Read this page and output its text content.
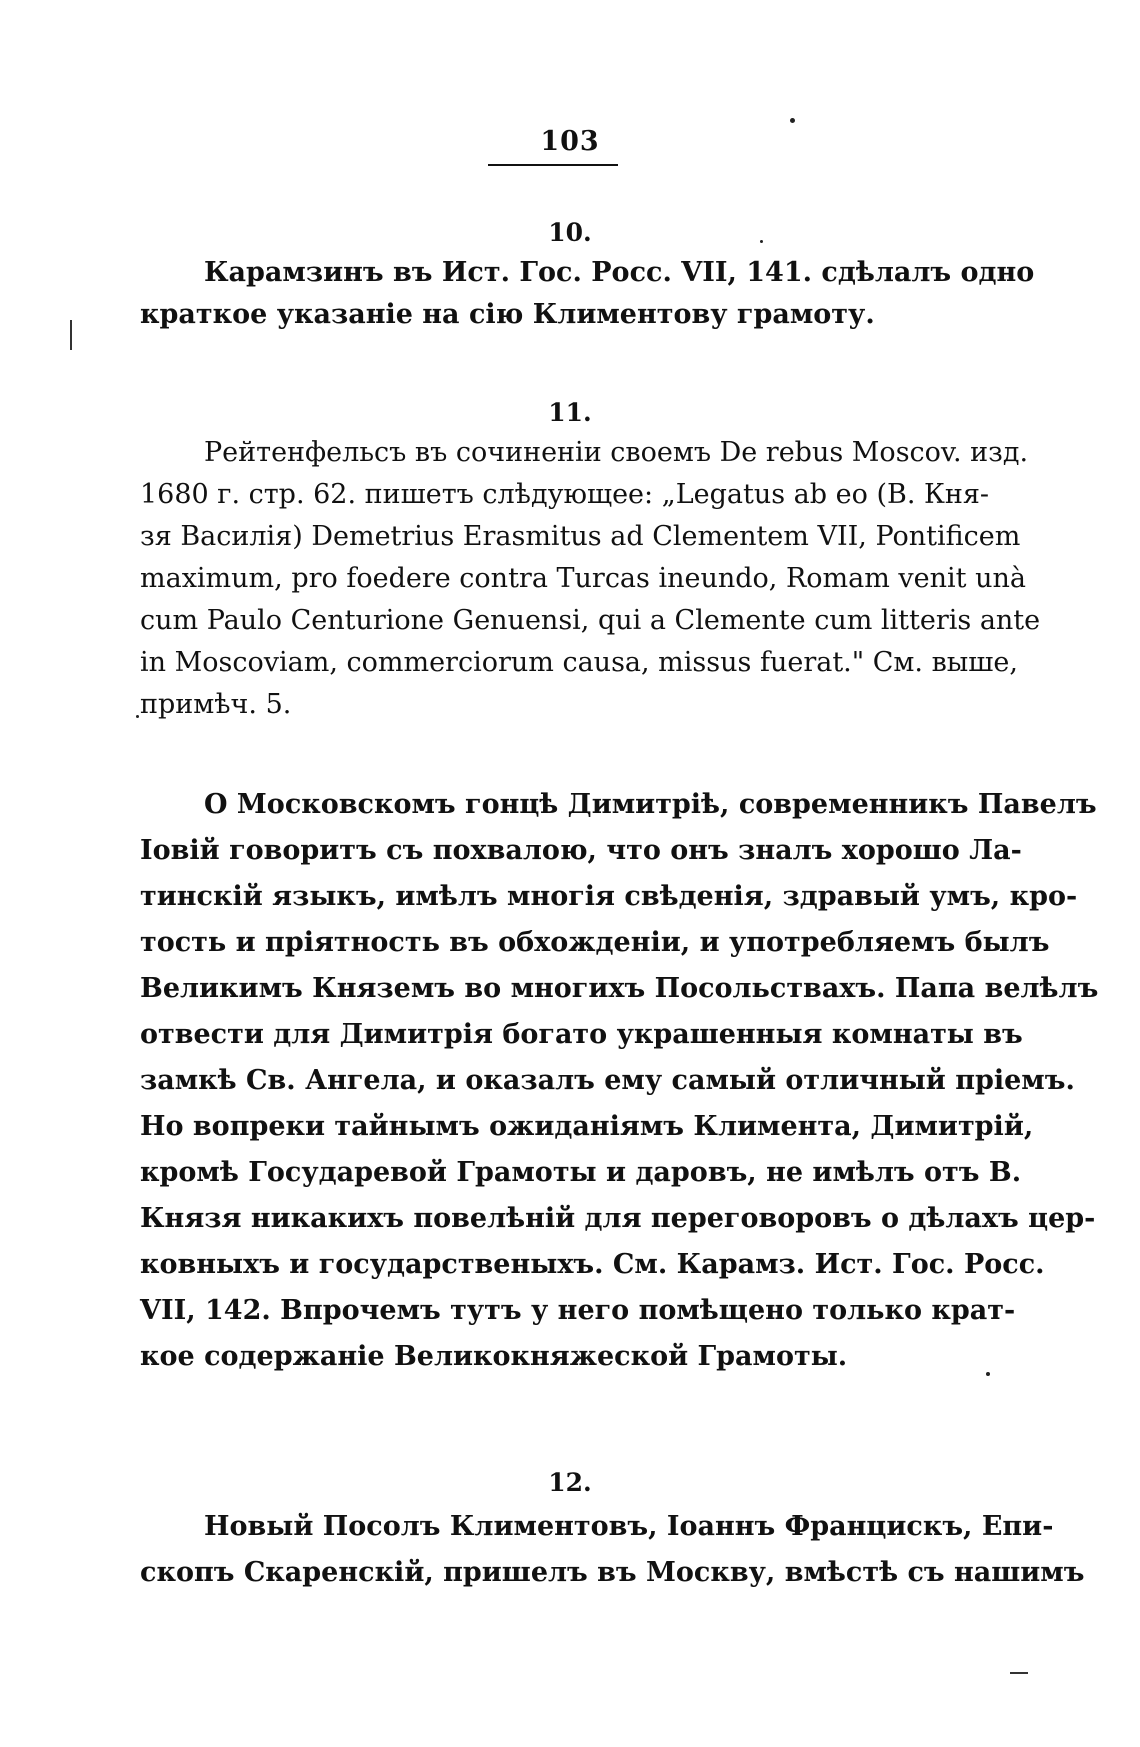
103
10.
Карамзинъ въ Ист. Гос. Росс. VII, 141. сдѣлалъ одно
краткое указаніе на сію Климентову грамоту.
11.
Рейтенфельсъ въ сочиненіи своемъ De rebus Moscov. изд.
1680 г. стр. 62. пишетъ слѣдующее: „Legatus ab eo (В. Кня-
зя Василія) Demetrius Erasmitus ad Clementem VII, Pontificem
maximum, pro foedere contra Turcas ineundo, Romam venit unà
cum Paulo Centurione Genuensi, qui a Clemente cum litteris ante
in Moscoviam, commerciorum causa, missus fuerat." См. выше,
примѣч. 5.
О Московскомъ гонцѣ Димитріѣ, современникъ Павелъ
Іовій говоритъ съ похвалою, что онъ зналъ хорошо Ла-
тинскій языкъ, имѣлъ многія свѣденія, здравый умъ, кро-
тость и пріятность въ обхожденіи, и употребляемъ былъ
Великимъ Княземъ во многихъ Посольствахъ. Папа велѣлъ
отвести для Димитрія богато украшенныя комнаты въ
замкѣ Св. Ангела, и оказалъ ему самый отличный пріемъ.
Но вопреки тайнымъ ожиданіямъ Климента, Димитрій,
кромѣ Государевой Грамоты и даровъ, не имѣлъ отъ В.
Князя никакихъ повелѣній для переговоровъ о дѣлахъ цер-
ковныхъ и государственыхъ. См. Карамз. Ист. Гос. Росс.
VII, 142. Впрочемъ тутъ у него помѣщено только крат-
кое содержаніе Великокняжеской Грамоты.
12.
Новый Посолъ Климентовъ, Іоаннъ Францискъ, Епи-
скопъ Скаренскій, пришелъ въ Москву, вмѣстѣ съ нашимъ
